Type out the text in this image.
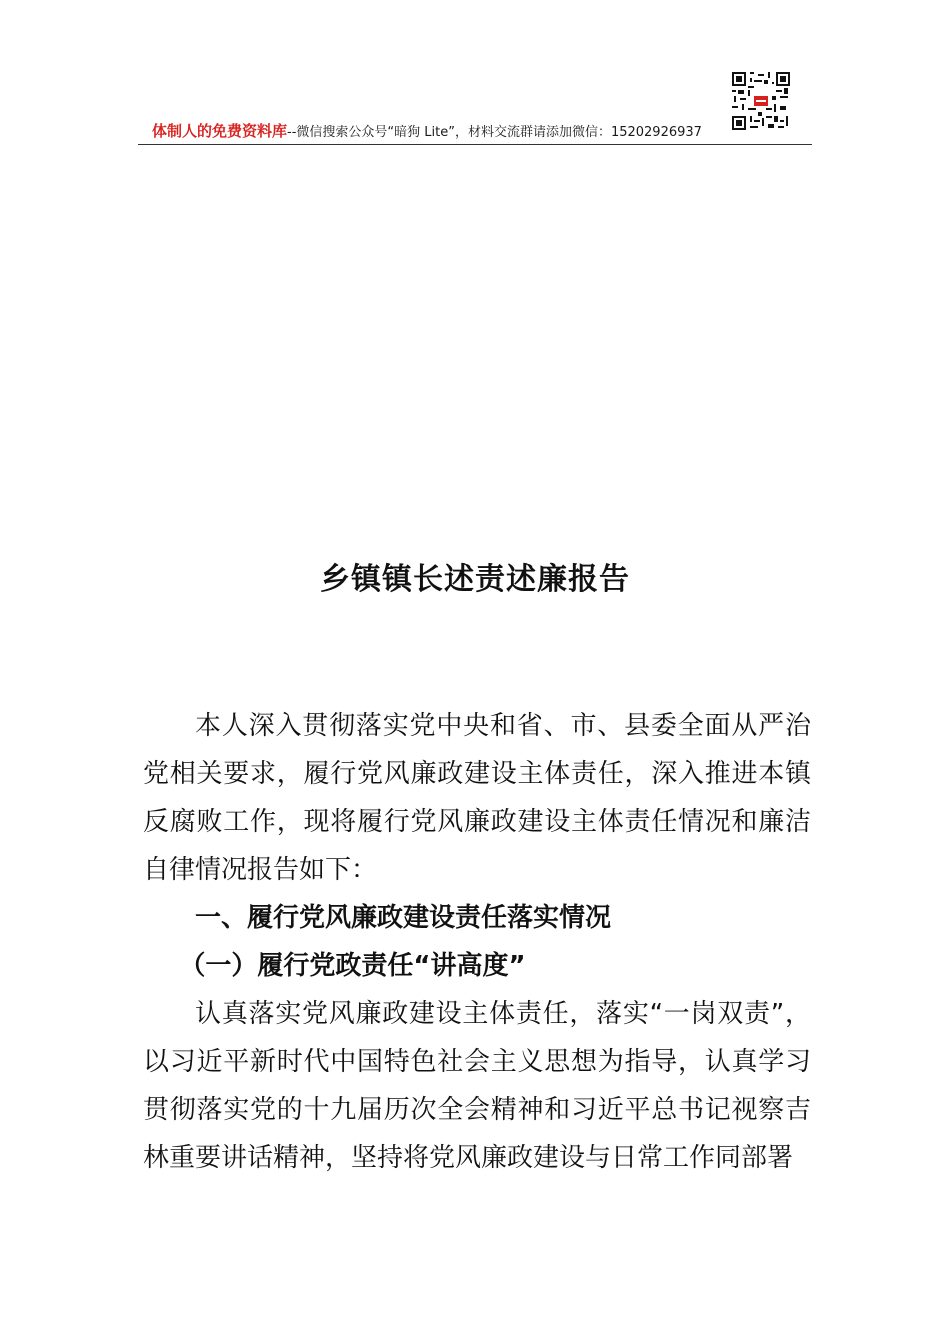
体制人的免费资料库--微信搜索公众号“暗狗 Lite”，材料交流群请添加微信：15202926937
乡镇镇长述责述廉报告

本人深入贯彻落实党中央和省、市、县委全面从严治党相关要求，履行党风廉政建设主体责任，深入推进本镇反腐败工作，现将履行党风廉政建设主体责任情况和廉洁自律情况报告如下：

一、履行党风廉政建设责任落实情况

（一）履行党政责任“讲高度”

认真落实党风廉政建设主体责任，落实“一岗双责”，以习近平新时代中国特色社会主义思想为指导，认真学习贯彻落实党的十九届历次全会精神和习近平总书记视察吉林重要讲话精神，坚持将党风廉政建设与日常工作同部署
